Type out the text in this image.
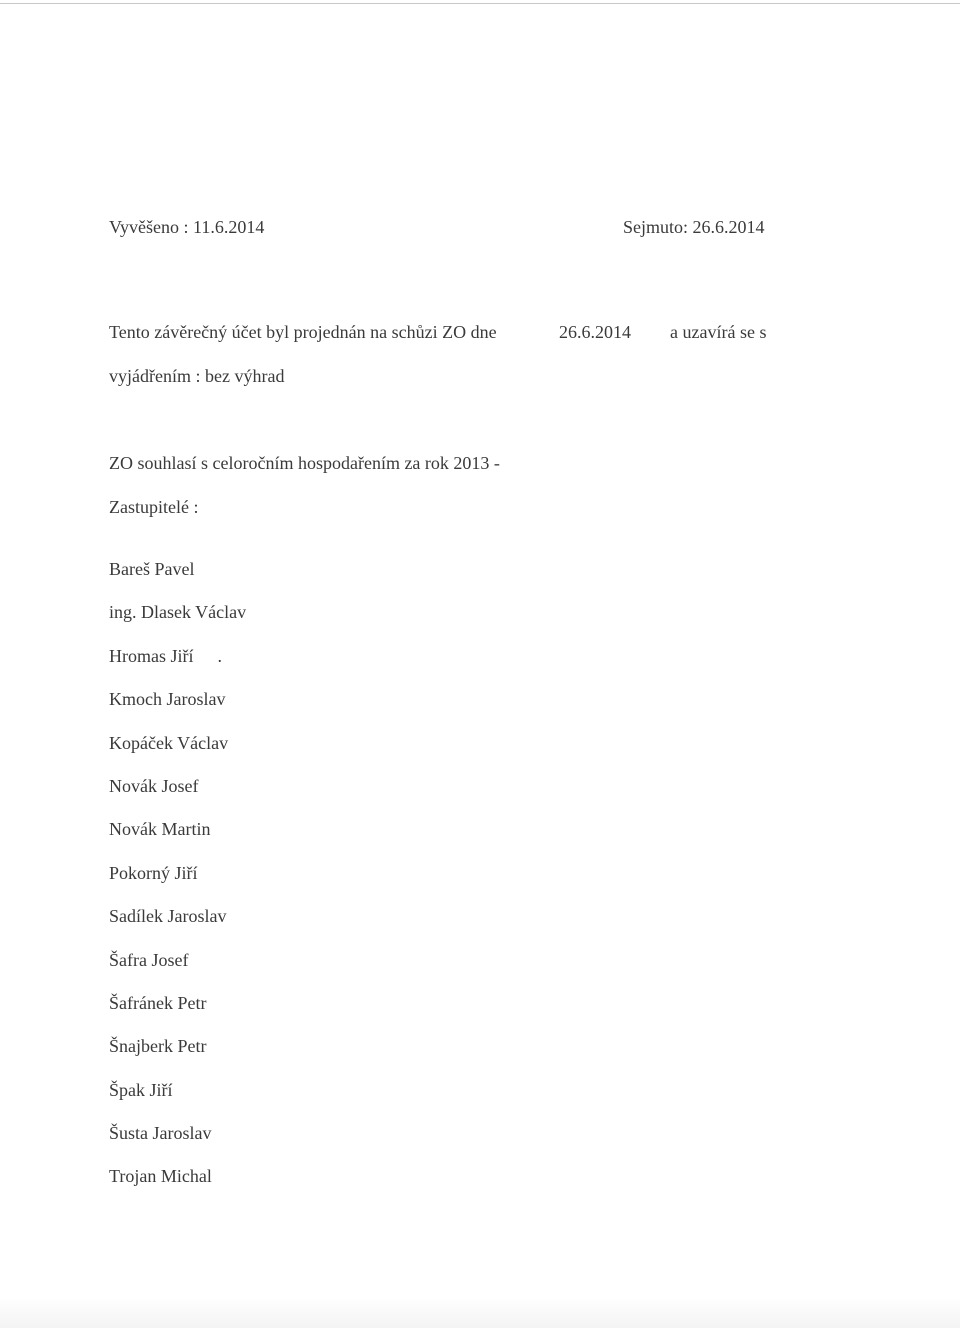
Vyvěšeno : 11.6.2014	Sejmuto: 26.6.2014
Tento závěrečný účet byl projednán na schůzi ZO dne	26.6.2014 a uzavírá se s
vyjádřením : bez výhrad
ZO souhlasí s celoročním hospodařením za rok 2013 -
Zastupitelé :
Bareš Pavel
ing. Dlasek Václav
Hromas Jiří .
Kmoch Jaroslav
Kopáček Václav
Novák Josef
Novák Martin
Pokorný Jiří
Sadílek Jaroslav
Šafra Josef
Šafránek Petr
Šnajberk Petr
Špak Jiří
Šusta Jaroslav
Trojan Michal
